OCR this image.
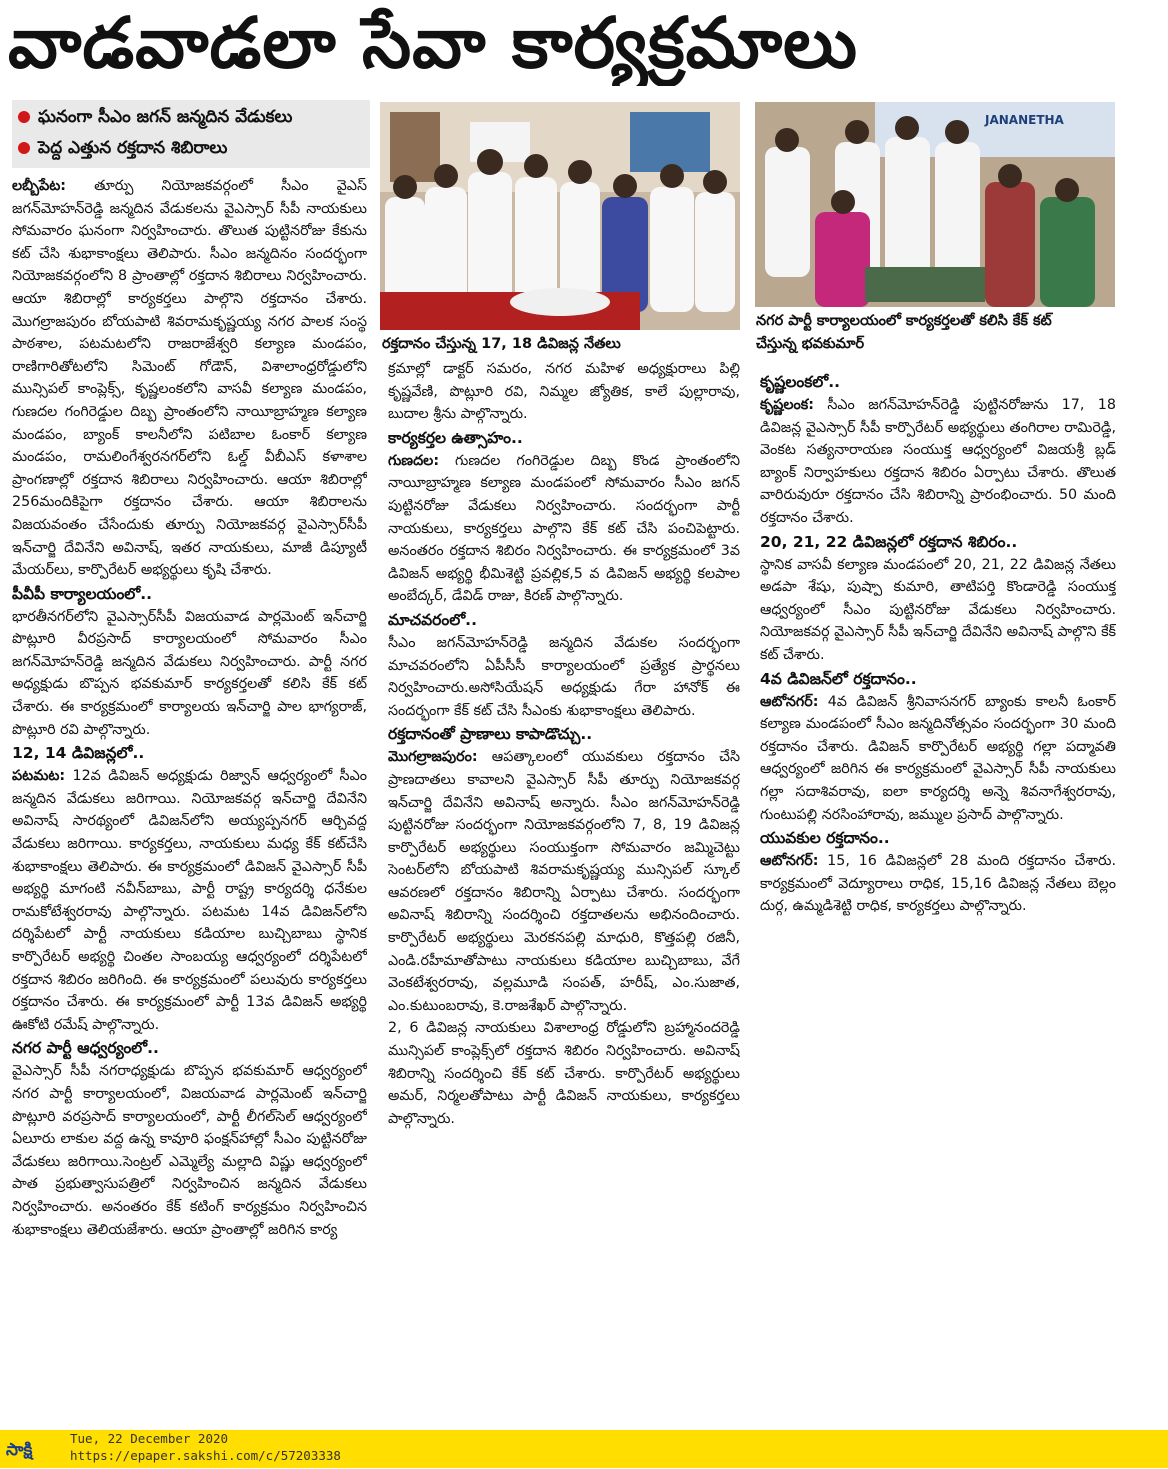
వాడవాడలా సేవా కార్యక్రమాలు
ఘనంగా సీఎం జగన్‌ జన్మదిన వేడుకలు
పెద్ద ఎత్తున రక్తదాన శిబిరాలు
రక్తదానం చేస్తున్న 17, 18 డివిజన్ల నేతలు
JANANETHA
నగర పార్టీ కార్యాలయంలో కార్యకర్తలతో కలిసి కేక్‌ కట్‌
చేస్తున్న భవకుమార్‌

లబ్బీపేట: తూర్పు నియోజకవర్గంలో సీఎం వైఎస్‌ జగన్‌మోహన్‌రెడ్డి జన్మదిన వేడుకలను వైఎస్సార్‌ సీపీ నాయకులు సోమవారం ఘనంగా నిర్వహించారు. తొలుత పుట్టినరోజు కేకును కట్‌ చేసి శుభాకాంక్షలు తెలిపారు. సీఎం జన్మదినం సందర్భంగా నియోజకవర్గంలోని 8 ప్రాంతాల్లో రక్తదాన శిబిరాలు నిర్వహించారు. ఆయా శిబిరాల్లో కార్యకర్తలు పాల్గొని రక్తదానం చేశారు. మొగల్రాజపురం బోయపాటి శివరామకృష్ణయ్య నగర పాలక సంస్థ పాఠశాల, పటమటలోని రాజరాజేశ్వరి కల్యాణ మండపం, రాణిగారితోటలోని సిమెంట్‌ గోడౌన్‌, విశాలాంధ్రరోడ్డులోని మున్సిపల్‌ కాంప్లెక్స్‌, కృష్ణలంకలోని వాసవీ కల్యాణ మండపం, గుణదల గంగిరెడ్డుల దిబ్బ ప్రాంతంలోని నాయీబ్రాహ్మణ కల్యాణ మండపం, బ్యాంక్‌ కాలనీలోని పటిబాల ఓంకార్‌ కల్యాణ మండపం, రామలింగేశ్వరనగర్‌లోని ఓల్డ్‌ వీబీఎస్‌ కళాశాల ప్రాంగణాల్లో రక్తదాన శిబిరాలు నిర్వహించారు. ఆయా శిబిరాల్లో 256మందికిపైగా రక్తదానం చేశారు. ఆయా శిబిరాలను విజయవంతం చేసేందుకు తూర్పు నియోజకవర్గ వైఎస్సార్‌సీపీ ఇన్‌చార్జి దేవినేని అవినాష్‌, ఇతర నాయకులు, మాజీ డిప్యూటీ మేయర్‌లు, కార్పొరేటర్‌ అభ్యర్థులు కృషి చేశారు.

పీవీపీ కార్యాలయంలో..

భారతీనగర్‌లోని వైఎస్సార్‌సీపీ విజయవాడ పార్లమెంట్‌ ఇన్‌చార్జి పొట్లూరి వీరప్రసాద్‌ కార్యాలయంలో సోమవారం సీఎం జగన్‌మోహన్‌రెడ్డి జన్మదిన వేడుకలు నిర్వహించారు. పార్టీ నగర అధ్యక్షుడు బొప్పన భవకుమార్‌ కార్యకర్తలతో కలిసి కేక్‌ కట్‌ చేశారు. ఈ కార్యక్రమంలో కార్యాలయ ఇన్‌చార్జి పాల భాగ్యరాజ్‌, పొట్లూరి రవి పాల్గొన్నారు.

12, 14 డివిజన్లలో..

పటమట: 12వ డివిజన్‌ అధ్యక్షుడు రిజ్వాన్‌ ఆధ్వర్యంలో సీఎం జన్మదిన వేడుకలు జరిగాయి. నియోజకవర్గ ఇన్‌చార్జి దేవినేని అవినాష్‌ సారథ్యంలో డివిజన్‌లోని అయ్యప్పనగర్‌ ఆర్చివద్ద వేడుకలు జరిగాయి. కార్యకర్తలు, నాయకులు మధ్య కేక్‌ కట్‌చేసి శుభాకాంక్షలు తెలిపారు. ఈ కార్యక్రమంలో డివిజన్‌ వైఎస్సార్‌ సీపీ అభ్యర్థి మాగంటి నవీన్‌బాబు, పార్టీ రాష్ట్ర కార్యదర్శి ధనేకుల రామకోటేశ్వరరావు పాల్గొన్నారు. పటమట 14వ డివిజన్‌లోని దర్శిపేటలో పార్టీ నాయకులు కడియాల బుచ్చిబాబు స్థానిక కార్పొరేటర్‌ అభ్యర్థి చింతల సాంబయ్య ఆధ్వర్యంలో దర్శిపేటలో రక్తదాన శిబిరం జరిగింది. ఈ కార్యక్రమంలో పలువురు కార్యకర్తలు రక్తదానం చేశారు. ఈ కార్యక్రమంలో పార్టీ 13వ డివిజన్‌ అభ్యర్థి ఊకోటి రమేష్‌ పాల్గొన్నారు.

నగర పార్టీ ఆధ్వర్యంలో..

వైఎస్సార్‌ సీపీ నగరాధ్యక్షుడు బొప్పన భవకుమార్‌ ఆధ్వర్యంలో నగర పార్టీ కార్యాలయంలో, విజయవాడ పార్లమెంట్‌ ఇన్‌చార్జి పొట్లూరి వరప్రసాద్‌ కార్యాలయంలో, పార్టీ లీగల్‌సెల్‌ ఆధ్వర్యంలో ఏలూరు లాకుల వద్ద ఉన్న కావూరి ఫంక్షన్‌హాల్లో సీఎం పుట్టినరోజు వేడుకలు జరిగాయి.సెంట్రల్‌ ఎమ్మెల్యే మల్లాది విష్ణు ఆధ్వర్యంలో పాత ప్రభుత్వాసుపత్రిలో నిర్వహించిన జన్మదిన వేడుకలు నిర్వహించారు. అనంతరం కేక్‌ కటింగ్‌ కార్యక్రమం నిర్వహించిన శుభాకాంక్షలు తెలియజేశారు. ఆయా ప్రాంతాల్లో జరిగిన కార్య

క్రమాల్లో డాక్టర్‌ సమరం, నగర మహిళ అధ్యక్షురాలు పిల్లి కృష్ణవేణి, పొట్లూరి రవి, నిమ్మల జ్యోతిక, కాలే పుల్లారావు, బుదాల శ్రీను పాల్గొన్నారు.

కార్యకర్తల ఉత్సాహం..

గుణదల: గుణదల గంగిరెడ్డుల దిబ్బ కొండ ప్రాంతంలోని నాయీబ్రాహ్మణ కల్యాణ మండపంలో సోమవారం సీఎం జగన్‌ పుట్టినరోజు వేడుకలు నిర్వహించారు. సందర్భంగా పార్టీ నాయకులు, కార్యకర్తలు పాల్గొని కేక్‌ కట్‌ చేసి పంచిపెట్టారు. అనంతరం రక్తదాన శిబిరం నిర్వహించారు. ఈ కార్యక్రమంలో 3వ డివిజన్‌ అభ్యర్థి భీమిశెట్టి ప్రవల్లిక,5 వ డివిజన్‌ అభ్యర్థి కలపాల అంబేద్కర్‌, డేవిడ్‌ రాజు, కిరణ్‌ పాల్గొన్నారు.

మాచవరంలో..

సీఎం జగన్‌మోహన్‌రెడ్డి జన్మదిన వేడుకల సందర్భంగా మాచవరంలోని ఏపీసీసీ కార్యాలయంలో ప్రత్యేక ప్రార్థనలు నిర్వహించారు.అసోసియేషన్‌ అధ్యక్షుడు గేరా హానోక్‌ ఈ సందర్భంగా కేక్‌ కట్‌ చేసి సీఎంకు శుభాకాంక్షలు తెలిపారు.

రక్తదానంతో ప్రాణాలు కాపాడొచ్చు..

మొగల్రాజపురం: ఆపత్కాలంలో యువకులు రక్తదానం చేసి ప్రాణదాతలు కావాలని వైఎస్సార్‌ సీపీ తూర్పు నియోజకవర్గ ఇన్‌చార్జి దేవినేని అవినాష్‌ అన్నారు. సీఎం జగన్‌మోహన్‌రెడ్డి పుట్టినరోజు సందర్భంగా నియోజకవర్గంలోని 7, 8, 19 డివిజన్ల కార్పొరేటర్‌ అభ్యర్థులు సంయుక్తంగా సోమవారం జమ్మిచెట్టు సెంటర్‌లోని బోయపాటి శివరామకృష్ణయ్య మున్సిపల్‌ స్కూల్‌ ఆవరణలో రక్తదానం శిబిరాన్ని ఏర్పాటు చేశారు. సందర్భంగా అవినాష్‌ శిబిరాన్ని సందర్శించి రక్తదాతలను అభినందించారు. కార్పొరేటర్‌ అభ్యర్థులు మెరకనపల్లి మాధురి, కొత్తపల్లి రజినీ, ఎండి.రహీమాతోపాటు నాయకులు కడియాల బుచ్చిబాబు, వేగే వెంకటేశ్వరరావు, వల్లమూడి సంపత్‌, హరీష్‌, ఎం.సుజాత, ఎం.కుటుంబరావు, కె.రాజశేఖర్‌ పాల్గొన్నారు.

2, 6 డివిజన్ల నాయకులు విశాలాంధ్ర రోడ్డులోని బ్రహ్మానందరెడ్డి మున్సిపల్‌ కాంప్లెక్స్‌లో రక్తదాన శిబిరం నిర్వహించారు. అవినాష్‌ శిబిరాన్ని సందర్శించి కేక్‌ కట్‌ చేశారు. కార్పొరేటర్‌ అభ్యర్థులు అమర్‌, నిర్మలతోపాటు పార్టీ డివిజన్‌ నాయకులు, కార్యకర్తలు పాల్గొన్నారు.

కృష్ణలంకలో..

కృష్ణలంక: సీఎం జగన్‌మోహన్‌రెడ్డి పుట్టినరోజును 17, 18 డివిజన్ల వైఎస్సార్‌ సీపీ కార్పొరేటర్‌ అభ్యర్థులు తంగిరాల రామిరెడ్డి, వెంకట సత్యనారాయణ సంయుక్త ఆధ్వర్యంలో విజయశ్రీ బ్లడ్‌ బ్యాంక్‌ నిర్వాహకులు రక్తదాన శిబిరం ఏర్పాటు చేశారు. తొలుత వారిరువురూ రక్తదానం చేసి శిబిరాన్ని ప్రారంభించారు. 50 మంది రక్తదానం చేశారు.

20, 21, 22 డివిజన్లలో రక్తదాన శిబిరం..

స్థానిక వాసవీ కల్యాణ మండపంలో 20, 21, 22 డివిజన్ల నేతలు అడపా శేషు, పుష్పా కుమారి, తాటిపర్తి కొండారెడ్డి సంయుక్త ఆధ్వర్యంలో సీఎం పుట్టినరోజు వేడుకలు నిర్వహించారు. నియోజకవర్గ వైఎస్సార్‌ సీపీ ఇన్‌చార్జి దేవినేని అవినాష్‌ పాల్గొని కేక్‌ కట్‌ చేశారు.

4వ డివిజన్‌లో రక్తదానం..

ఆటోనగర్‌: 4వ డివిజన్‌ శ్రీనివాసనగర్‌ బ్యాంకు కాలనీ ఓంకార్‌ కల్యాణ మండపంలో సీఎం జన్మదినోత్సవం సందర్భంగా 30 మంది రక్తదానం చేశారు. డివిజన్‌ కార్పొరేటర్‌ అభ్యర్థి గల్లా పద్మావతి ఆధ్వర్యంలో జరిగిన ఈ కార్యక్రమంలో వైఎస్సార్‌ సీపీ నాయకులు గల్లా సదాశివరావు, ఐలా కార్యదర్శి అన్నె శివనాగేశ్వరరావు, గుంటుపల్లి నరసింహారావు, జమ్ముల ప్రసాద్‌ పాల్గొన్నారు.

యువకుల రక్తదానం..

ఆటోనగర్‌: 15, 16 డివిజన్లలో 28 మంది రక్తదానం చేశారు. కార్యక్రమంలో వెద్యూరాలు రాధిక, 15,16 డివిజన్ల నేతలు బెల్లం దుర్గ, ఉమ్మడిశెట్టి రాధిక, కార్యకర్తలు పాల్గొన్నారు.

సాక్షి
Tue, 22 December 2020
https://epaper.sakshi.com/c/57203338
